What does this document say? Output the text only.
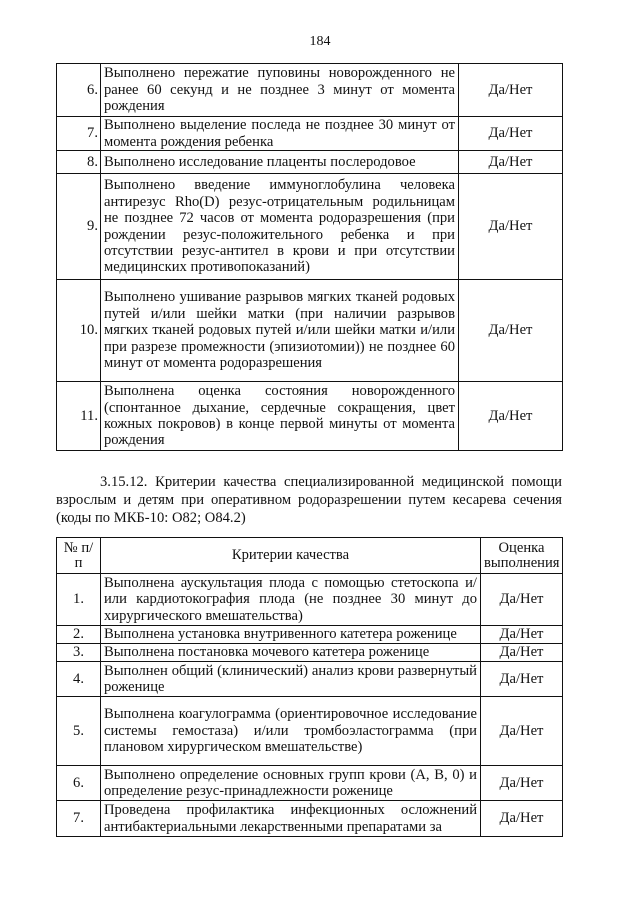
184
6.	Выполнено пережатие пуповины новорожденного не ранее 60 секунд и не позднее 3 минут от момента рождения	Да/Нет
7.	Выполнено выделение последа не позднее 30 минут от момента рождения ребенка	Да/Нет
8.	Выполнено исследование плаценты послеродовое	Да/Нет
9.	Выполнено введение иммуноглобулина человека антирезус Rho(D) резус-отрицательным родильницам не позднее 72 часов от момента родоразрешения (при рождении резус-положительного ребенка и при отсутствии резус-антител в крови и при отсутствии медицинских противопоказаний)	Да/Нет
10.	Выполнено ушивание разрывов мягких тканей родовых путей и/или шейки матки (при наличии разрывов мягких тканей родовых путей и/или шейки матки и/или при разрезе промежности (эпизиотомии)) не позднее 60 минут от момента родоразрешения	Да/Нет
11.	Выполнена оценка состояния новорожденного (спонтанное дыхание, сердечные сокращения, цвет кожных покровов) в конце первой минуты от момента рождения	Да/Нет
3.15.12. Критерии качества специализированной медицинской помощи взрослым и детям при оперативном родоразрешении путем кесарева сечения (коды по МКБ-10: O82; O84.2)
№ п/п	Критерии качества	Оценка выполнения
1.	Выполнена аускультация плода с помощью стетоскопа и/или кардиотокография плода (не позднее 30 минут до хирургического вмешательства)	Да/Нет
2.	Выполнена установка внутривенного катетера роженице	Да/Нет
3.	Выполнена постановка мочевого катетера роженице	Да/Нет
4.	Выполнен общий (клинический) анализ крови развернутый роженице	Да/Нет
5.	Выполнена коагулограмма (ориентировочное исследование системы гемостаза) и/или тромбоэластограмма (при плановом хирургическом вмешательстве)	Да/Нет
6.	Выполнено определение основных групп крови (A, B, 0) и определение резус-принадлежности роженице	Да/Нет
7.	Проведена профилактика инфекционных осложнений антибактериальными лекарственными препаратами за	Да/Нет
